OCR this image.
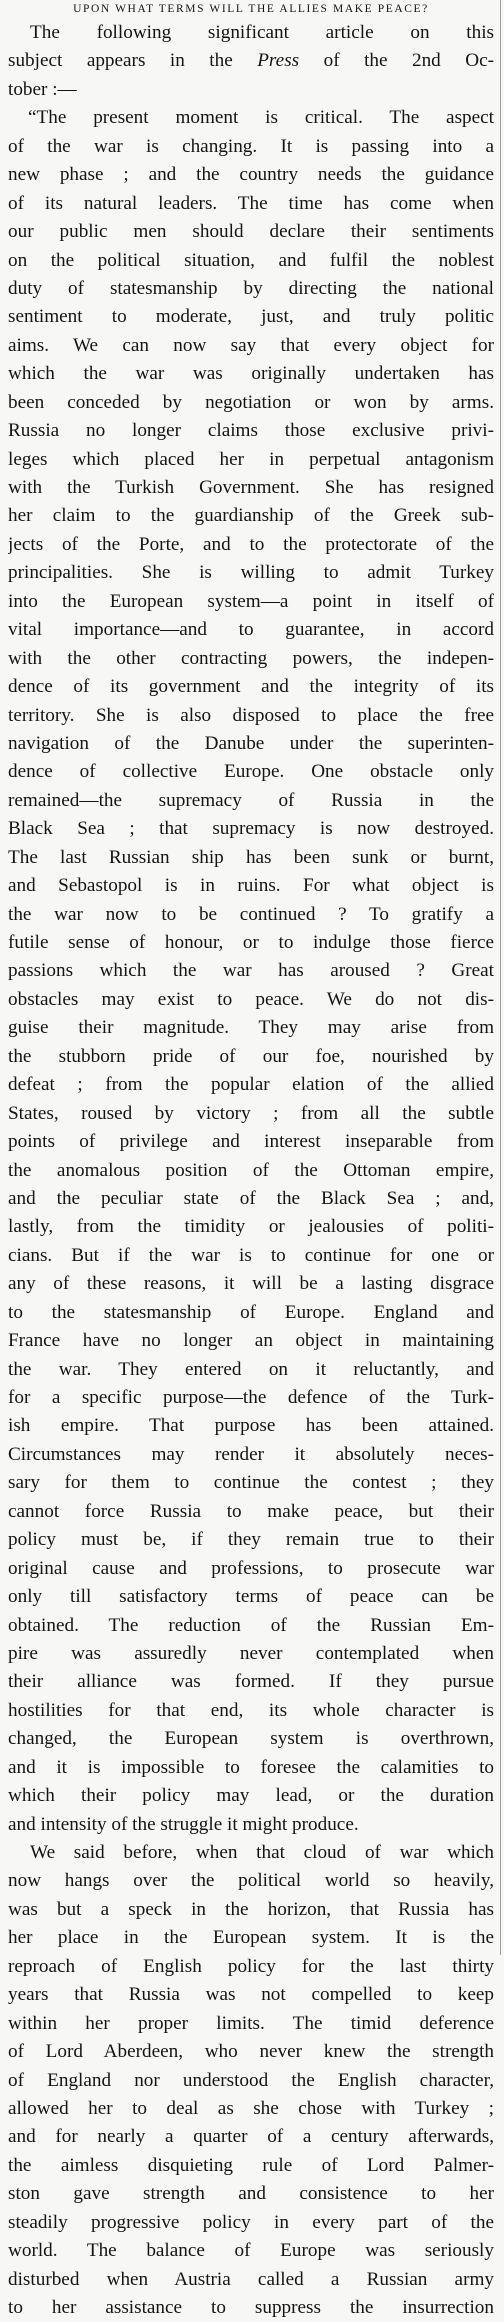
UPON WHAT TERMS WILL THE ALLIES MAKE PEACE?
The following significant article on this
subject appears in the Press of the 2nd Oc-
tober :—
“The present moment is critical. The aspect
of the war is changing. It is passing into a
new phase ; and the country needs the guidance
of its natural leaders. The time has come when
our public men should declare their sentiments
on the political situation, and fulfil the noblest
duty of statesmanship by directing the national
sentiment to moderate, just, and truly politic
aims. We can now say that every object for
which the war was originally undertaken has
been conceded by negotiation or won by arms.
Russia no longer claims those exclusive privi-
leges which placed her in perpetual antagonism
with the Turkish Government. She has resigned
her claim to the guardianship of the Greek sub-
jects of the Porte, and to the protectorate of the
principalities. She is willing to admit Turkey
into the European system—a point in itself of
vital importance—and to guarantee, in accord
with the other contracting powers, the indepen-
dence of its government and the integrity of its
territory. She is also disposed to place the free
navigation of the Danube under the superinten-
dence of collective Europe. One obstacle only
remained—the supremacy of Russia in the
Black Sea ; that supremacy is now destroyed.
The last Russian ship has been sunk or burnt,
and Sebastopol is in ruins. For what object is
the war now to be continued ? To gratify a
futile sense of honour, or to indulge those fierce
passions which the war has aroused ? Great
obstacles may exist to peace. We do not dis-
guise their magnitude. They may arise from
the stubborn pride of our foe, nourished by
defeat ; from the popular elation of the allied
States, roused by victory ; from all the subtle
points of privilege and interest inseparable from
the anomalous position of the Ottoman empire,
and the peculiar state of the Black Sea ; and,
lastly, from the timidity or jealousies of politi-
cians. But if the war is to continue for one or
any of these reasons, it will be a lasting disgrace
to the statesmanship of Europe. England and
France have no longer an object in maintaining
the war. They entered on it reluctantly, and
for a specific purpose—the defence of the Turk-
ish empire. That purpose has been attained.
Circumstances may render it absolutely neces-
sary for them to continue the contest ; they
cannot force Russia to make peace, but their
policy must be, if they remain true to their
original cause and professions, to prosecute war
only till satisfactory terms of peace can be
obtained. The reduction of the Russian Em-
pire was assuredly never contemplated when
their alliance was formed. If they pursue
hostilities for that end, its whole character is
changed, the European system is overthrown,
and it is impossible to foresee the calamities to
which their policy may lead, or the duration
and intensity of the struggle it might produce.
We said before, when that cloud of war which
now hangs over the political world so heavily,
was but a speck in the horizon, that Russia has
her place in the European system. It is the
reproach of English policy for the last thirty
years that Russia was not compelled to keep
within her proper limits. The timid deference
of Lord Aberdeen, who never knew the strength
of England nor understood the English character,
allowed her to deal as she chose with Turkey ;
and for nearly a quarter of a century afterwards,
the aimless disquieting rule of Lord Palmer-
ston gave strength and consistence to her
steadily progressive policy in every part of the
world. The balance of Europe was seriously
disturbed when Austria called a Russian army
to her assistance to suppress the insurrection
